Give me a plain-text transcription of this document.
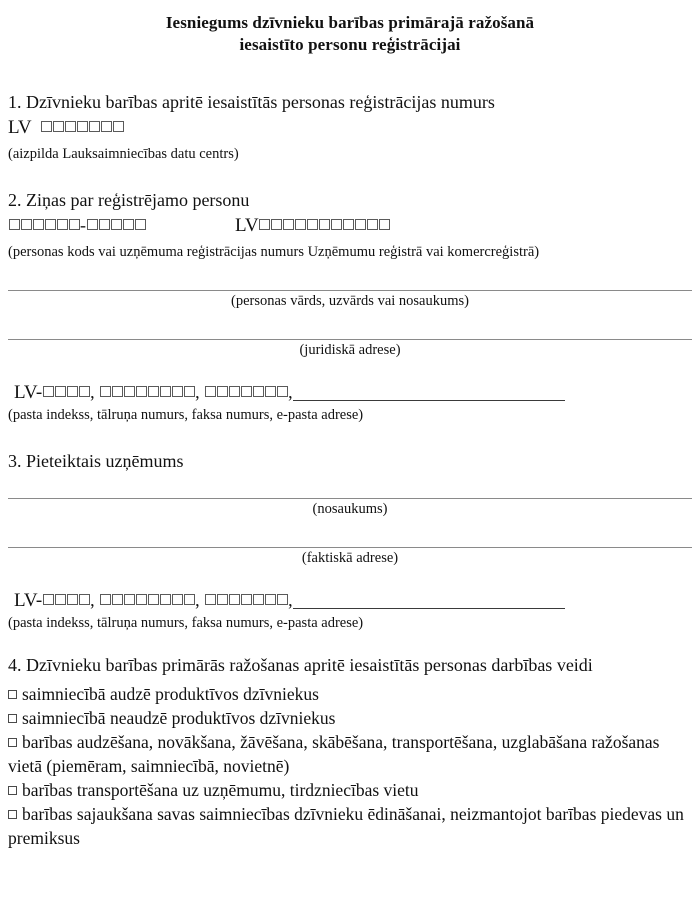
Iesniegums dzīvnieku barības primārajā ražošanā
iesaistīto personu reģistrācijai
1. Dzīvnieku barības apritē iesaistītās personas reģistrācijas numurs
LV
(aizpilda Lauksaimniecības datu centrs)
2. Ziņas par reģistrējamo personu
-	LV
(personas kods vai uzņēmuma reģistrācijas numurs Uzņēmumu reģistrā vai komercreģistrā)
(personas vārds, uzvārds vai nosaukums)
(juridiskā adrese)
LV-	,	,	,
(pasta indekss, tālruņa numurs, faksa numurs, e-pasta adrese)
3. Pieteiktais uzņēmums
(nosaukums)
(faktiskā adrese)
LV-	,	,	,
(pasta indekss, tālruņa numurs, faksa numurs, e-pasta adrese)
4. Dzīvnieku barības primārās ražošanas apritē iesaistītās personas darbības veidi
saimniecībā audzē produktīvos dzīvniekus
saimniecībā neaudzē produktīvos dzīvniekus
barības audzēšana, novākšana, žāvēšana, skābēšana, transportēšana, uzglabāšana ražošanas vietā (piemēram, saimniecībā, novietnē)
barības transportēšana uz uzņēmumu, tirdzniecības vietu
barības sajaukšana savas saimniecības dzīvnieku ēdināšanai, neizmantojot barības piedevas un premiksus
